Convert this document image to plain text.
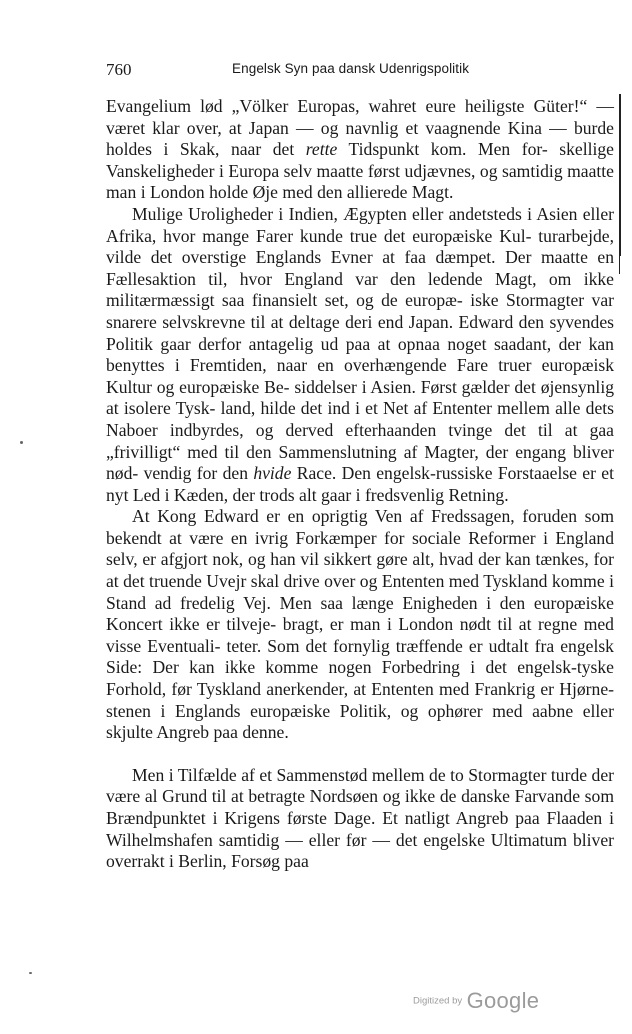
760	Engelsk Syn paa dansk Udenrigspolitik

Evangelium lød „Völker Europas, wahret eure heiligste Güter!“ — været klar over, at Japan — og navnlig et vaagnende Kina — burde holdes i Skak, naar det rette Tidspunkt kom. Men for- skellige Vanskeligheder i Europa selv maatte først udjævnes, og samtidig maatte man i London holde Øje med den allierede Magt.

Mulige Uroligheder i Indien, Ægypten eller andetsteds i Asien eller Afrika, hvor mange Farer kunde true det europæiske Kul- turarbejde, vilde det overstige Englands Evner at faa dæmpet. Der maatte en Fællesaktion til, hvor England var den ledende Magt, om ikke militærmæssigt saa finansielt set, og de europæ- iske Stormagter var snarere selvskrevne til at deltage deri end Japan. Edward den syvendes Politik gaar derfor antagelig ud paa at opnaa noget saadant, der kan benyttes i Fremtiden, naar en overhængende Fare truer europæisk Kultur og europæiske Be- siddelser i Asien. Først gælder det øjensynlig at isolere Tysk- land, hilde det ind i et Net af Ententer mellem alle dets Naboer indbyrdes, og derved efterhaanden tvinge det til at gaa „frivilligt“ med til den Sammenslutning af Magter, der engang bliver nød- vendig for den hvide Race. Den engelsk-russiske Forstaaelse er et nyt Led i Kæden, der trods alt gaar i fredsvenlig Retning.

At Kong Edward er en oprigtig Ven af Fredssagen, foruden som bekendt at være en ivrig Forkæmper for sociale Reformer i England selv, er afgjort nok, og han vil sikkert gøre alt, hvad der kan tænkes, for at det truende Uvejr skal drive over og Ententen med Tyskland komme i Stand ad fredelig Vej. Men saa længe Enigheden i den europæiske Koncert ikke er tilveje- bragt, er man i London nødt til at regne med visse Eventuali- teter. Som det fornylig træffende er udtalt fra engelsk Side: Der kan ikke komme nogen Forbedring i det engelsk-tyske Forhold, før Tyskland anerkender, at Ententen med Frankrig er Hjørne- stenen i Englands europæiske Politik, og ophører med aabne eller skjulte Angreb paa denne.

Men i Tilfælde af et Sammenstød mellem de to Stormagter turde der være al Grund til at betragte Nordsøen og ikke de danske Farvande som Brændpunktet i Krigens første Dage. Et natligt Angreb paa Flaaden i Wilhelmshafen samtidig — eller før — det engelske Ultimatum bliver overrakt i Berlin, Forsøg paa

Digitized by Google
